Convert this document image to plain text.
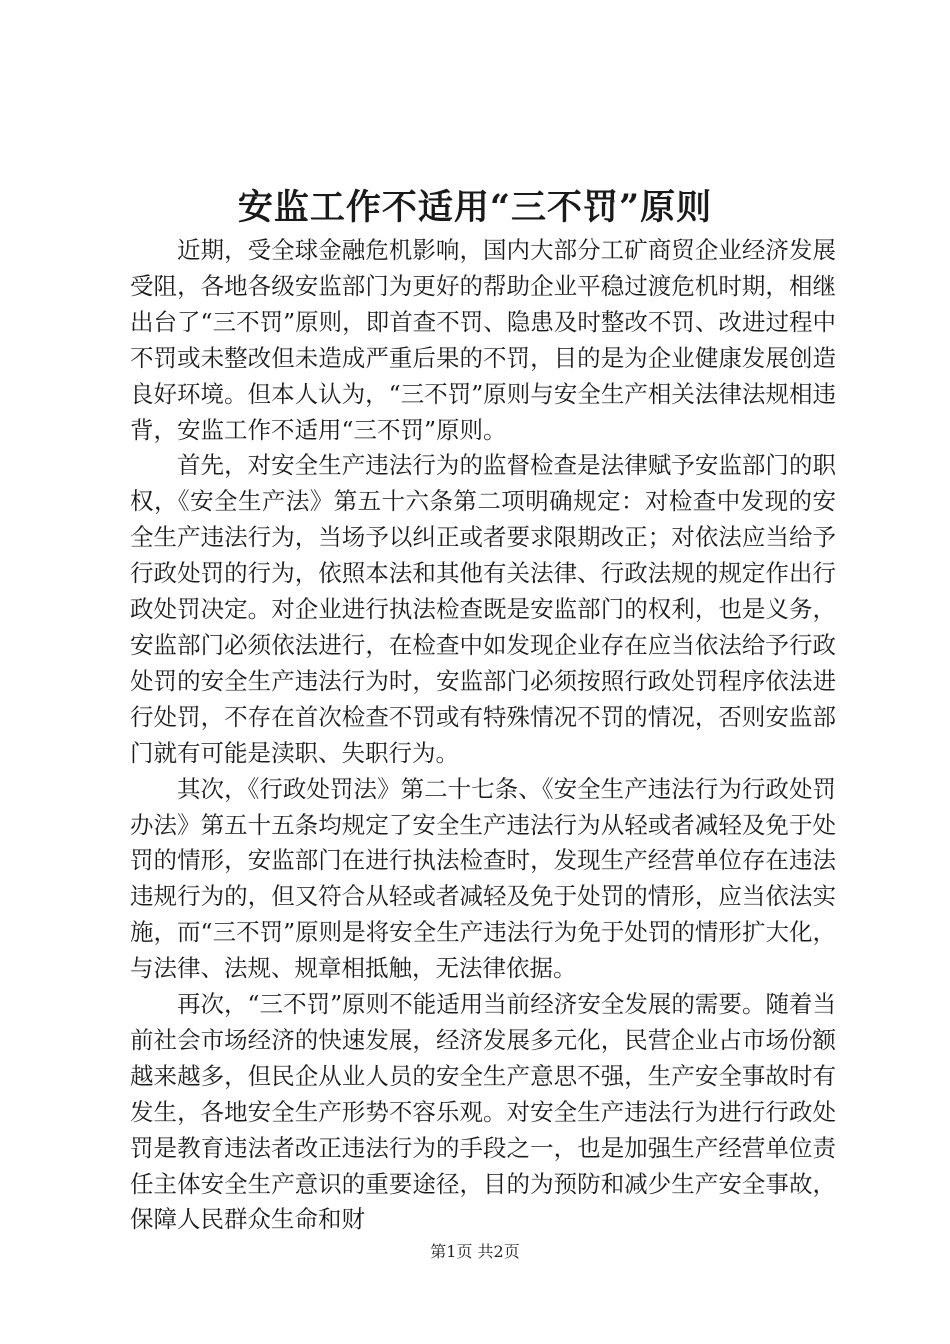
安监工作不适用“三不罚”原则

近期，受全球金融危机影响，国内大部分工矿商贸企业经济发展受阻，各地各级安监部门为更好的帮助企业平稳过渡危机时期，相继出台了“三不罚”原则，即首查不罚、隐患及时整改不罚、改进过程中不罚或未整改但未造成严重后果的不罚，目的是为企业健康发展创造良好环境。但本人认为，“三不罚”原则与安全生产相关法律法规相违背，安监工作不适用“三不罚”原则。

首先，对安全生产违法行为的监督检查是法律赋予安监部门的职权，《安全生产法》第五十六条第二项明确规定：对检查中发现的安全生产违法行为，当场予以纠正或者要求限期改正；对依法应当给予行政处罚的行为，依照本法和其他有关法律、行政法规的规定作出行政处罚决定。对企业进行执法检查既是安监部门的权利，也是义务，安监部门必须依法进行，在检查中如发现企业存在应当依法给予行政处罚的安全生产违法行为时，安监部门必须按照行政处罚程序依法进行处罚，不存在首次检查不罚或有特殊情况不罚的情况，否则安监部门就有可能是渎职、失职行为。

其次，《行政处罚法》第二十七条、《安全生产违法行为行政处罚办法》第五十五条均规定了安全生产违法行为从轻或者减轻及免于处罚的情形，安监部门在进行执法检查时，发现生产经营单位存在违法违规行为的，但又符合从轻或者减轻及免于处罚的情形，应当依法实施，而“三不罚”原则是将安全生产违法行为免于处罚的情形扩大化，与法律、法规、规章相抵触，无法律依据。

再次，“三不罚”原则不能适用当前经济安全发展的需要。随着当前社会市场经济的快速发展，经济发展多元化，民营企业占市场份额越来越多，但民企从业人员的安全生产意思不强，生产安全事故时有发生，各地安全生产形势不容乐观。对安全生产违法行为进行行政处罚是教育违法者改正违法行为的手段之一，也是加强生产经营单位责任主体安全生产意识的重要途径，目的为预防和减少生产安全事故，保障人民群众生命和财

第1页 共2页
